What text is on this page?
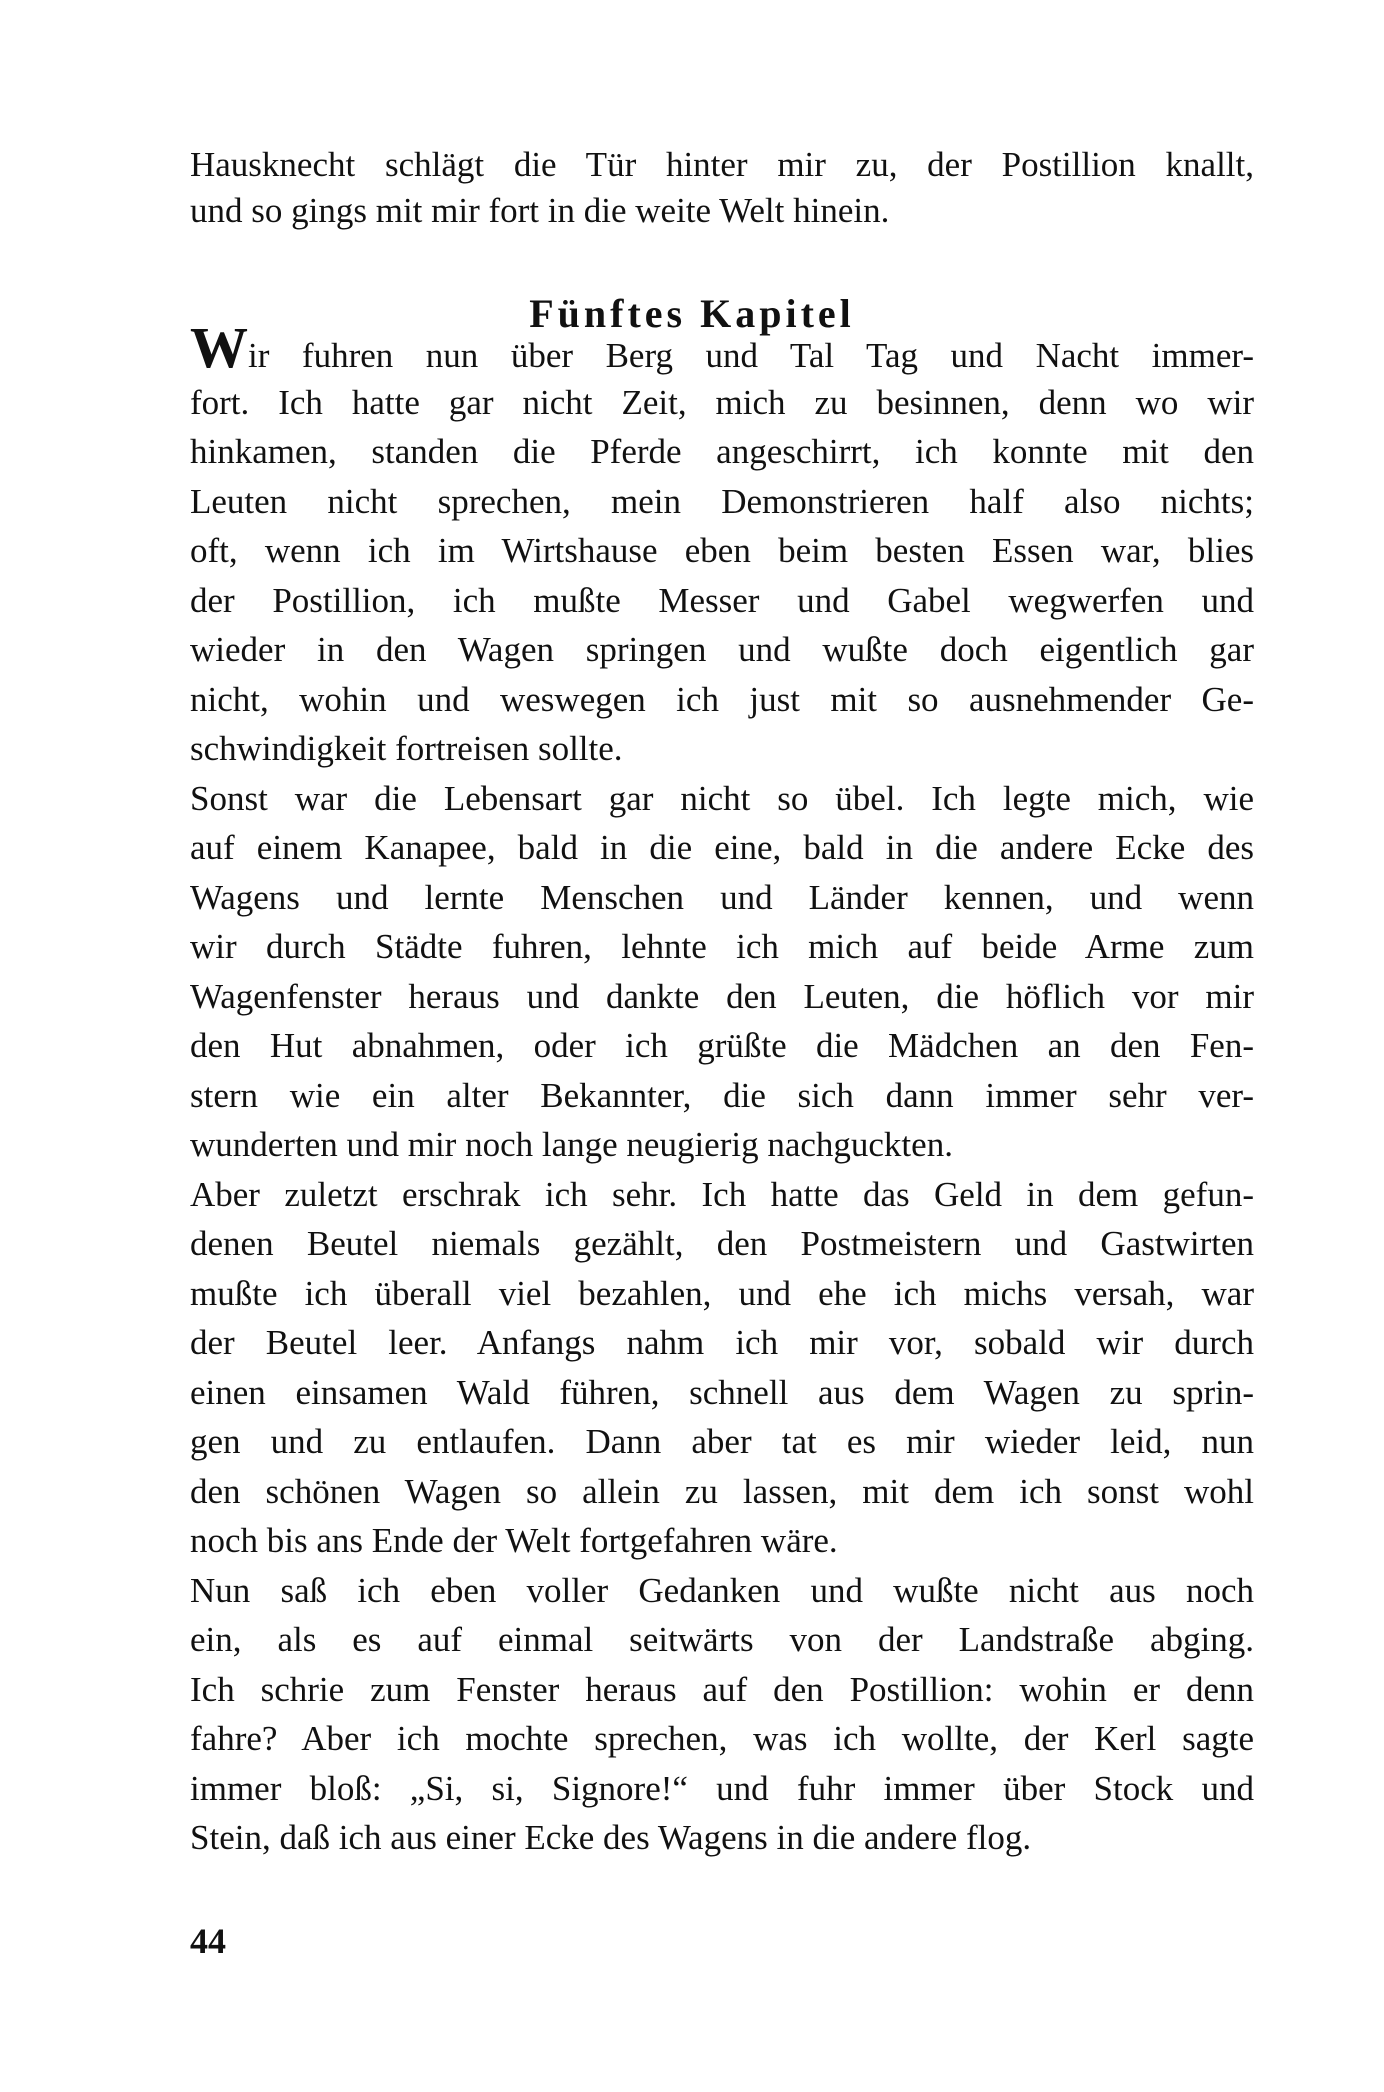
Hausknecht schlägt die Tür hinter mir zu, der Postillion knallt,
und so gings mit mir fort in die weite Welt hinein.
Fünftes Kapitel
Wir fuhren nun über Berg und Tal Tag und Nacht immer-
fort. Ich hatte gar nicht Zeit, mich zu besinnen, denn wo wir
hinkamen, standen die Pferde angeschirrt, ich konnte mit den
Leuten nicht sprechen, mein Demonstrieren half also nichts;
oft, wenn ich im Wirtshause eben beim besten Essen war, blies
der Postillion, ich mußte Messer und Gabel wegwerfen und
wieder in den Wagen springen und wußte doch eigentlich gar
nicht, wohin und weswegen ich just mit so ausnehmender Ge-
schwindigkeit fortreisen sollte.
Sonst war die Lebensart gar nicht so übel. Ich legte mich, wie
auf einem Kanapee, bald in die eine, bald in die andere Ecke des
Wagens und lernte Menschen und Länder kennen, und wenn
wir durch Städte fuhren, lehnte ich mich auf beide Arme zum
Wagenfenster heraus und dankte den Leuten, die höflich vor mir
den Hut abnahmen, oder ich grüßte die Mädchen an den Fen-
stern wie ein alter Bekannter, die sich dann immer sehr ver-
wunderten und mir noch lange neugierig nachguckten.
Aber zuletzt erschrak ich sehr. Ich hatte das Geld in dem gefun-
denen Beutel niemals gezählt, den Postmeistern und Gastwirten
mußte ich überall viel bezahlen, und ehe ich michs versah, war
der Beutel leer. Anfangs nahm ich mir vor, sobald wir durch
einen einsamen Wald führen, schnell aus dem Wagen zu sprin-
gen und zu entlaufen. Dann aber tat es mir wieder leid, nun
den schönen Wagen so allein zu lassen, mit dem ich sonst wohl
noch bis ans Ende der Welt fortgefahren wäre.
Nun saß ich eben voller Gedanken und wußte nicht aus noch
ein, als es auf einmal seitwärts von der Landstraße abging.
Ich schrie zum Fenster heraus auf den Postillion: wohin er denn
fahre? Aber ich mochte sprechen, was ich wollte, der Kerl sagte
immer bloß: „Si, si, Signore!“ und fuhr immer über Stock und
Stein, daß ich aus einer Ecke des Wagens in die andere flog.
44
